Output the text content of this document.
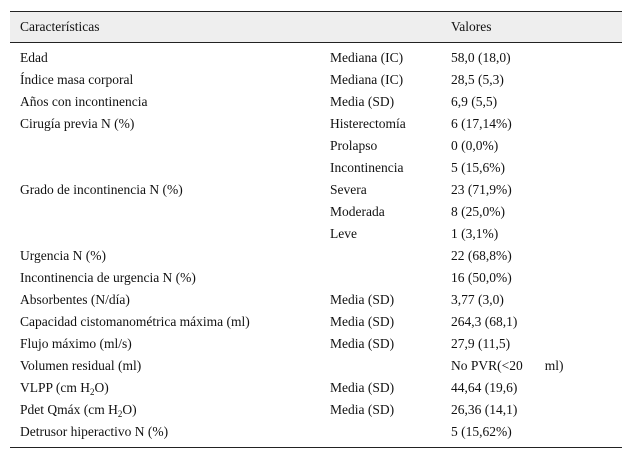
Características		Valores
Edad	Mediana (IC)	58,0 (18,0)
Índice masa corporal	Mediana (IC)	28,5 (5,3)
Años con incontinencia	Media (SD)	6,9 (5,5)
Cirugía previa N (%)	Histerectomía	6 (17,14%)
	Prolapso	0 (0,0%)
	Incontinencia	5 (15,6%)
Grado de incontinencia N (%)	Severa	23 (71,9%)
	Moderada	8 (25,0%)
	Leve	1 (3,1%)
Urgencia N (%)		22 (68,8%)
Incontinencia de urgencia N (%)		16 (50,0%)
Absorbentes (N/día)	Media (SD)	3,77 (3,0)
Capacidad cistomanométrica máxima (ml)	Media (SD)	264,3 (68,1)
Flujo máximo (ml/s)	Media (SD)	27,9 (11,5)
Volumen residual (ml)		No PVR(<20 ml)
VLPP (cm $H_2O$)	Media (SD)	44,64 (19,6)
Pdet Qmáx (cm $H_2O$)	Media (SD)	26,36 (14,1)
Detrusor hiperactivo N (%)		5 (15,62%)
